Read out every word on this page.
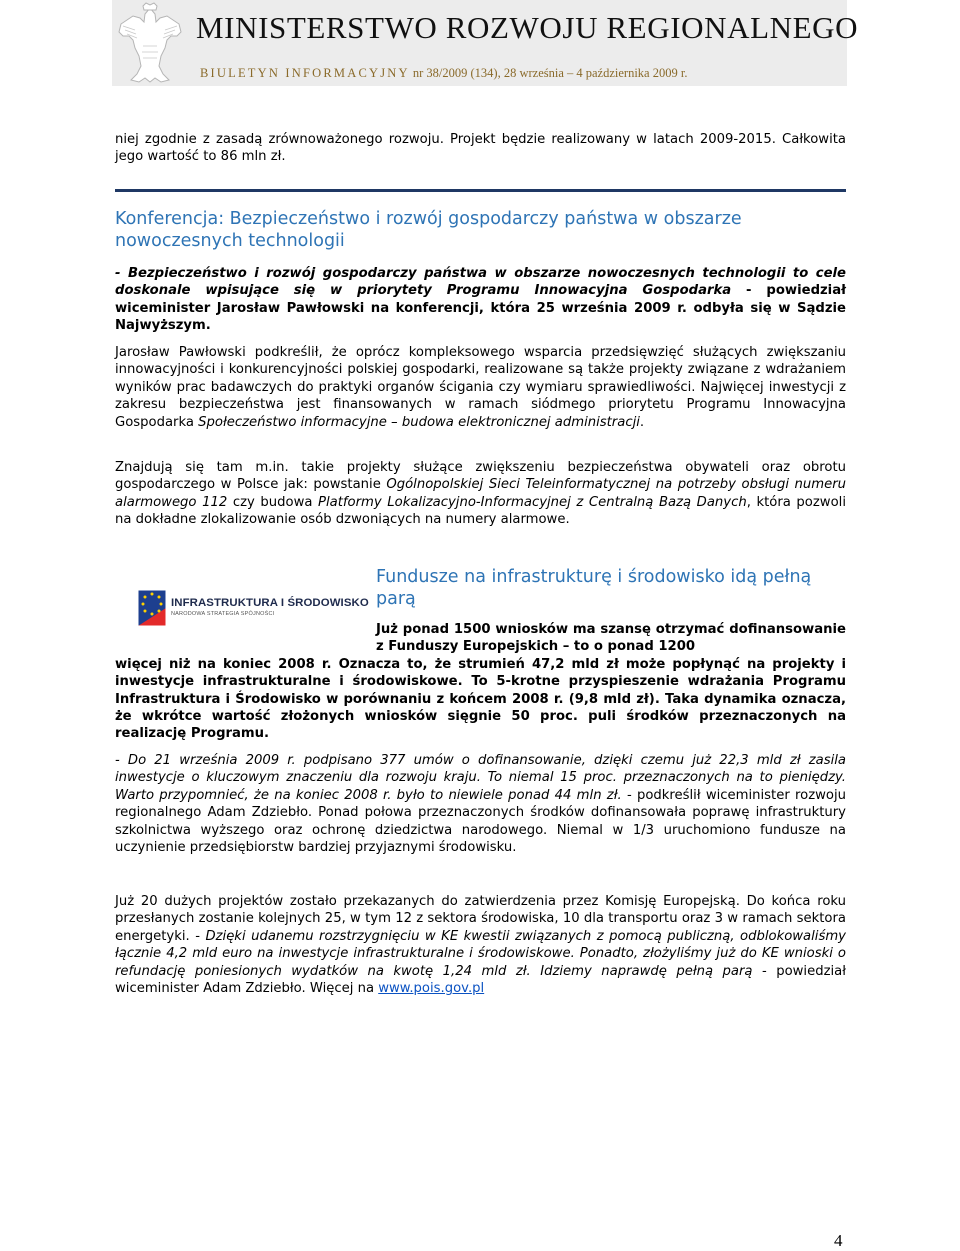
MINISTERSTWO ROZWOJU REGIONALNEGO
BIULETYN INFORMACYJNY nr 38/2009 (134), 28 września – 4 października 2009 r.

niej zgodnie z zasadą zrównoważonego rozwoju. Projekt będzie realizowany w latach 2009-2015. Całkowita jego wartość to 86 mln zł.

Konferencja: Bezpieczeństwo i rozwój gospodarczy państwa w obszarze nowoczesnych technologii

- Bezpieczeństwo i rozwój gospodarczy państwa w obszarze nowoczesnych technologii to cele doskonale wpisujące się w priorytety Programu Innowacyjna Gospodarka - powiedział wiceminister Jarosław Pawłowski na konferencji, która 25 września 2009 r. odbyła się w Sądzie Najwyższym.

Jarosław Pawłowski podkreślił, że oprócz kompleksowego wsparcia przedsięwzięć służących zwiększaniu innowacyjności i konkurencyjności polskiej gospodarki, realizowane są także projekty związane z wdrażaniem wyników prac badawczych do praktyki organów ścigania czy wymiaru sprawiedliwości. Najwięcej inwestycji z zakresu bezpieczeństwa jest finansowanych w ramach siódmego priorytetu Programu Innowacyjna Gospodarka Społeczeństwo informacyjne – budowa elektronicznej administracji.

Znajdują się tam m.in. takie projekty służące zwiększeniu bezpieczeństwa obywateli oraz obrotu gospodarczego w Polsce jak: powstanie Ogólnopolskiej Sieci Teleinformatycznej na potrzeby obsługi numeru alarmowego 112 czy budowa Platformy Lokalizacyjno-Informacyjnej z Centralną Bazą Danych, która pozwoli na dokładne zlokalizowanie osób dzwoniących na numery alarmowe.

INFRASTRUKTURA I ŚRODOWISKO
NARODOWA STRATEGIA SPÓJNOŚCI
Fundusze na infrastrukturę i środowisko idą pełną parą

Już ponad 1500 wniosków ma szansę otrzymać dofinansowanie z Funduszy Europejskich – to o ponad 1200
więcej niż na koniec 2008 r. Oznacza to, że strumień 47,2 mld zł może popłynąć na projekty i inwestycje infrastrukturalne i środowiskowe. To 5-krotne przyspieszenie wdrażania Programu Infrastruktura i Środowisko w porównaniu z końcem 2008 r. (9,8 mld zł). Taka dynamika oznacza, że wkrótce wartość złożonych wniosków sięgnie 50 proc. puli środków przeznaczonych na realizację Programu.

- Do 21 września 2009 r. podpisano 377 umów o dofinansowanie, dzięki czemu już 22,3 mld zł zasila inwestycje o kluczowym znaczeniu dla rozwoju kraju. To niemal 15 proc. przeznaczonych na to pieniędzy. Warto przypomnieć, że na koniec 2008 r. było to niewiele ponad 44 mln zł. - podkreślił wiceminister rozwoju regionalnego Adam Zdziebło. Ponad połowa przeznaczonych środków dofinansowała poprawę infrastruktury szkolnictwa wyższego oraz ochronę dziedzictwa narodowego. Niemal w 1/3 uruchomiono fundusze na uczynienie przedsiębiorstw bardziej przyjaznymi środowisku.

Już 20 dużych projektów zostało przekazanych do zatwierdzenia przez Komisję Europejską. Do końca roku przesłanych zostanie kolejnych 25, w tym 12 z sektora środowiska, 10 dla transportu oraz 3 w ramach sektora energetyki. - Dzięki udanemu rozstrzygnięciu w KE kwestii związanych z pomocą publiczną, odblokowaliśmy łącznie 4,2 mld euro na inwestycje infrastrukturalne i środowiskowe. Ponadto, złożyliśmy już do KE wnioski o refundację poniesionych wydatków na kwotę 1,24 mld zł. Idziemy naprawdę pełną parą - powiedział wiceminister Adam Zdziebło. Więcej na www.pois.gov.pl

4
